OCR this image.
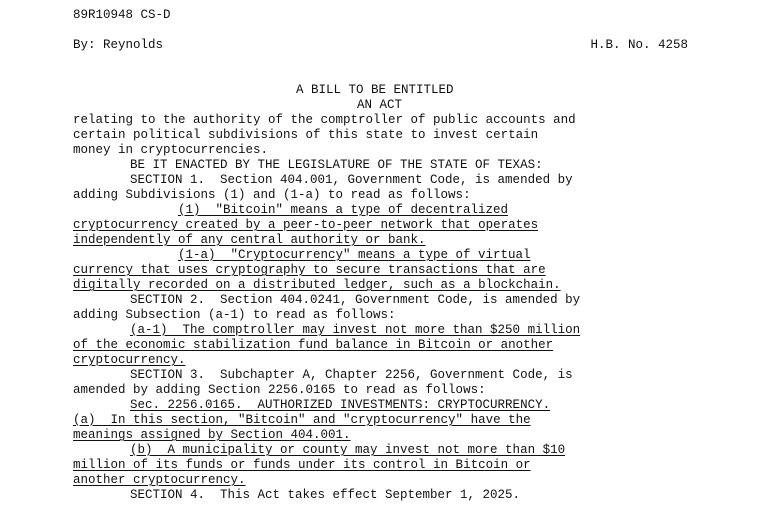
89R10948 CS-D
By: Reynolds	H.B. No. 4258
A BILL TO BE ENTITLED
AN ACT
relating to the authority of the comptroller of public accounts and
certain political subdivisions of this state to invest certain
money in cryptocurrencies.
BE IT ENACTED BY THE LEGISLATURE OF THE STATE OF TEXAS:
SECTION 1.  Section 404.001, Government Code, is amended by
adding Subdivisions (1) and (1-a) to read as follows:
(1)  "Bitcoin" means a type of decentralized
cryptocurrency created by a peer-to-peer network that operates
independently of any central authority or bank.
(1-a)  "Cryptocurrency" means a type of virtual
currency that uses cryptography to secure transactions that are
digitally recorded on a distributed ledger, such as a blockchain.
SECTION 2.  Section 404.0241, Government Code, is amended by
adding Subsection (a-1) to read as follows:
(a-1)  The comptroller may invest not more than $250 million
of the economic stabilization fund balance in Bitcoin or another
cryptocurrency.
SECTION 3.  Subchapter A, Chapter 2256, Government Code, is
amended by adding Section 2256.0165 to read as follows:
Sec. 2256.0165.  AUTHORIZED INVESTMENTS: CRYPTOCURRENCY.
(a)  In this section, "Bitcoin" and "cryptocurrency" have the
meanings assigned by Section 404.001.
(b)  A municipality or county may invest not more than $10
million of its funds or funds under its control in Bitcoin or
another cryptocurrency.
SECTION 4.  This Act takes effect September 1, 2025.
